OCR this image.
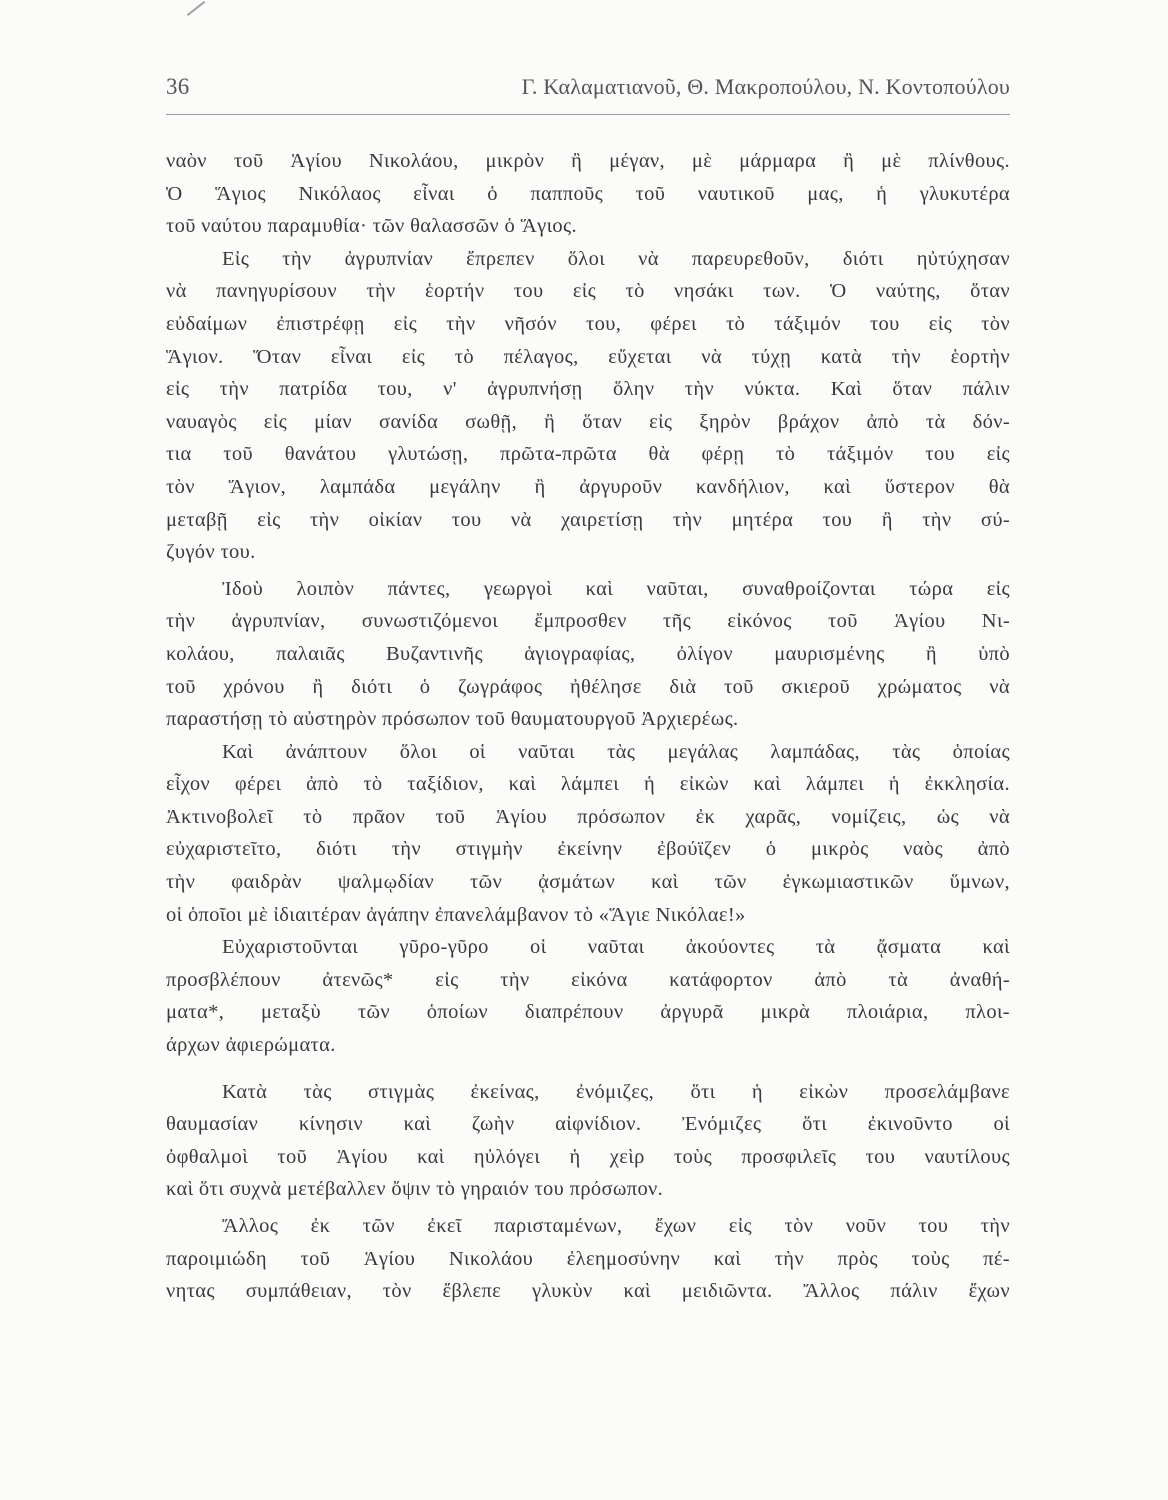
36	Γ. Καλαματιανοῦ, Θ. Μακροπούλου, Ν. Κοντοπούλου
ναὸν τοῦ Ἁγίου Νικολάου, μικρὸν ἢ μέγαν, μὲ μάρμαρα ἢ μὲ πλίνθους.
Ὁ Ἅγιος Νικόλαος εἶναι ὁ παπποῦς τοῦ ναυτικοῦ μας, ἡ γλυκυτέρα
τοῦ ναύτου παραμυθία· τῶν θαλασσῶν ὁ Ἅγιος.
Εἰς τὴν ἀγρυπνίαν ἔπρεπεν ὅλοι νὰ παρευρεθοῦν, διότι ηὐτύχησαν
νὰ πανηγυρίσουν τὴν ἑορτήν του εἰς τὸ νησάκι των. Ὁ ναύτης, ὅταν
εὐδαίμων ἐπιστρέφῃ εἰς τὴν νῆσόν του, φέρει τὸ τάξιμόν του εἰς τὸν
Ἅγιον. Ὅταν εἶναι εἰς τὸ πέλαγος, εὔχεται νὰ τύχῃ κατὰ τὴν ἑορτὴν
εἰς τὴν πατρίδα του, ν' ἀγρυπνήσῃ ὅλην τὴν νύκτα. Καὶ ὅταν πάλιν
ναυαγὸς εἰς μίαν σανίδα σωθῇ, ἢ ὅταν εἰς ξηρὸν βράχον ἀπὸ τὰ δόν-
τια τοῦ θανάτου γλυτώσῃ, πρῶτα-πρῶτα θὰ φέρῃ τὸ τάξιμόν του εἰς
τὸν Ἅγιον, λαμπάδα μεγάλην ἢ ἀργυροῦν κανδήλιον, καὶ ὕστερον θὰ
μεταβῇ εἰς τὴν οἰκίαν του νὰ χαιρετίσῃ τὴν μητέρα του ἢ τὴν σύ-
ζυγόν του.
Ἰδοὺ λοιπὸν πάντες, γεωργοὶ καὶ ναῦται, συναθροίζονται τώρα εἰς
τὴν ἀγρυπνίαν, συνωστιζόμενοι ἔμπροσθεν τῆς εἰκόνος τοῦ Ἁγίου Νι-
κολάου, παλαιᾶς Βυζαντινῆς ἁγιογραφίας, ὀλίγον μαυρισμένης ἢ ὑπὸ
τοῦ χρόνου ἢ διότι ὁ ζωγράφος ἠθέλησε διὰ τοῦ σκιεροῦ χρώματος νὰ
παραστήσῃ τὸ αὐστηρὸν πρόσωπον τοῦ θαυματουργοῦ Ἀρχιερέως.
Καὶ ἀνάπτουν ὅλοι οἱ ναῦται τὰς μεγάλας λαμπάδας, τὰς ὁποίας
εἶχον φέρει ἀπὸ τὸ ταξίδιον, καὶ λάμπει ἡ εἰκὼν καὶ λάμπει ἡ ἐκκλησία.
Ἀκτινοβολεῖ τὸ πρᾶον τοῦ Ἁγίου πρόσωπον ἐκ χαρᾶς, νομίζεις, ὡς νὰ
εὐχαριστεῖτο, διότι τὴν στιγμὴν ἐκείνην ἐβούϊζεν ὁ μικρὸς ναὸς ἀπὸ
τὴν φαιδρὰν ψαλμῳδίαν τῶν ᾀσμάτων καὶ τῶν ἐγκωμιαστικῶν ὕμνων,
οἱ ὁποῖοι μὲ ἰδιαιτέραν ἀγάπην ἐπανελάμβανον τὸ «Ἅγιε Νικόλαε!»
Εὐχαριστοῦνται γῦρο-γῦρο οἱ ναῦται ἀκούοντες τὰ ᾄσματα καὶ
προσβλέπουν ἀτενῶς* εἰς τὴν εἰκόνα κατάφορτον ἀπὸ τὰ ἀναθή-
ματα*, μεταξὺ τῶν ὁποίων διαπρέπουν ἀργυρᾶ μικρὰ πλοιάρια, πλοι-
άρχων ἀφιερώματα.
Κατὰ τὰς στιγμὰς ἐκείνας, ἐνόμιζες, ὅτι ἡ εἰκὼν προσελάμβανε
θαυμασίαν κίνησιν καὶ ζωὴν αἰφνίδιον. Ἐνόμιζες ὅτι ἐκινοῦντο οἱ
ὀφθαλμοὶ τοῦ Ἁγίου καὶ ηὐλόγει ἡ χεὶρ τοὺς προσφιλεῖς του ναυτίλους
καὶ ὅτι συχνὰ μετέβαλλεν ὄψιν τὸ γηραιόν του πρόσωπον.
Ἄλλος ἐκ τῶν ἐκεῖ παρισταμένων, ἔχων εἰς τὸν νοῦν του τὴν
παροιμιώδη τοῦ Ἁγίου Νικολάου ἐλεημοσύνην καὶ τὴν πρὸς τοὺς πέ-
νητας συμπάθειαν, τὸν ἔβλεπε γλυκὺν καὶ μειδιῶντα. Ἄλλος πάλιν ἔχων
